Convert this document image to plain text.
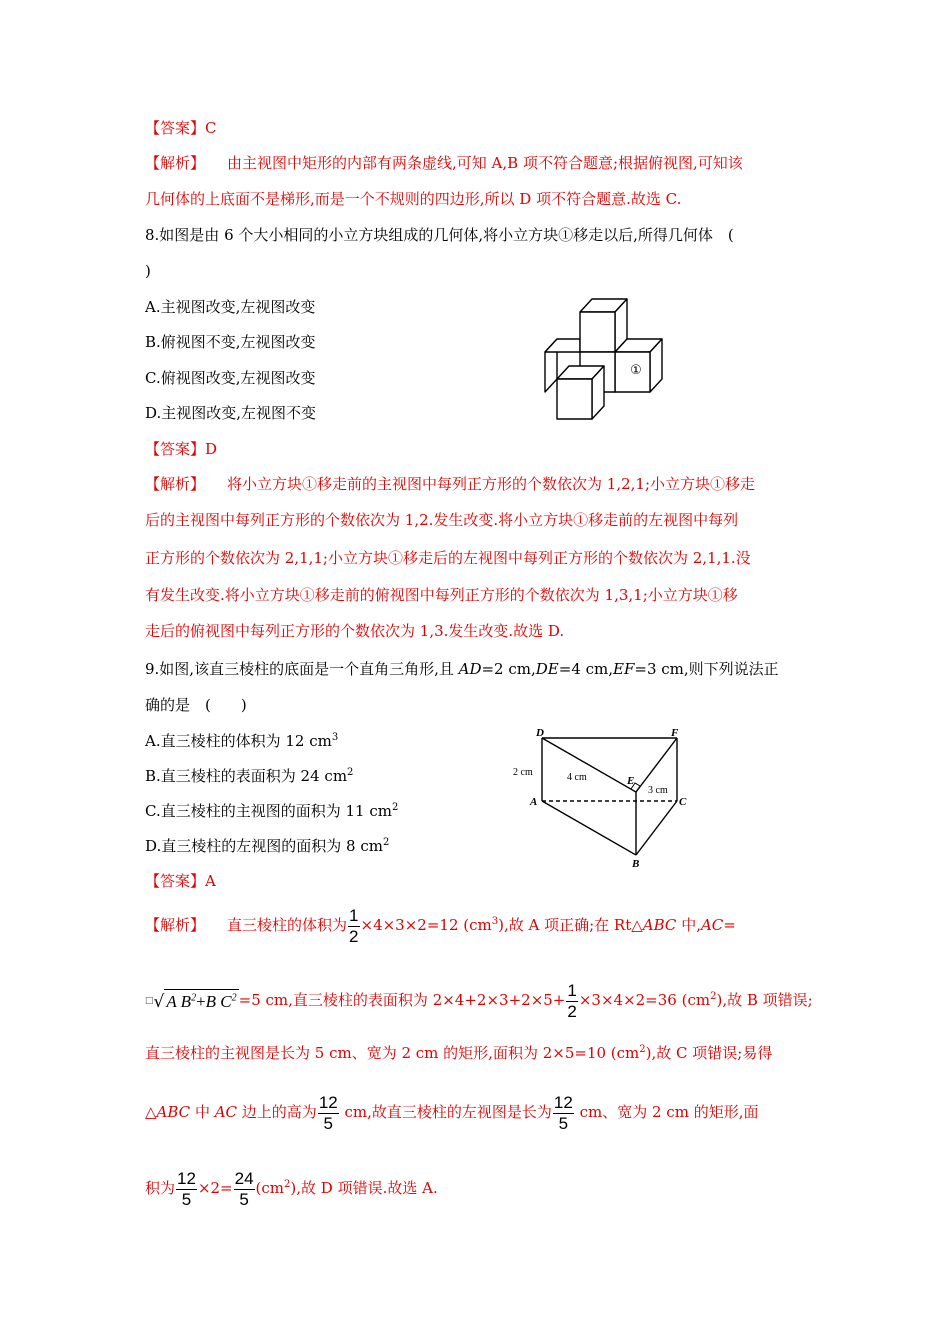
【答案】C
【解析】 由主视图中矩形的内部有两条虚线,可知 A,B 项不符合题意;根据俯视图,可知该
几何体的上底面不是梯形,而是一个不规则的四边形,所以 D 项不符合题意.故选 C.
8.如图是由 6 个大小相同的小立方块组成的几何体,将小立方块①移走以后,所得几何体　(
)
A.主视图改变,左视图改变
B.俯视图不变,左视图改变
C.俯视图改变,左视图改变
D.主视图改变,左视图不变
①
【答案】D
【解析】 将小立方块①移走前的主视图中每列正方形的个数依次为 1,2,1;小立方块①移走
后的主视图中每列正方形的个数依次为 1,2.发生改变.将小立方块①移走前的左视图中每列
正方形的个数依次为 2,1,1;小立方块①移走后的左视图中每列正方形的个数依次为 2,1,1.没
有发生改变.将小立方块①移走前的俯视图中每列正方形的个数依次为 1,3,1;小立方块①移
走后的俯视图中每列正方形的个数依次为 1,3.发生改变.故选 D.
9.如图,该直三棱柱的底面是一个直角三角形,且 AD=2 cm,DE=4 cm,EF=3 cm,则下列说法正
确的是　(　　)
A.直三棱柱的体积为 12 $cm^3$
B.直三棱柱的表面积为 24 $cm^2$
C.直三棱柱的主视图的面积为 11 $cm^2$
D.直三棱柱的左视图的面积为 8 $cm^2$
D	F
E
A	C
B
2 cm	4 cm
3 cm
【答案】A
【解析】 直三棱柱的体积为 $\frac{1}{2} \times 4\times 3\times 2=12$ $(cm^3)$,故 A 项正确;在 Rt△ABC 中,AC=
□√ A $B^2+B$ $C^2 =5$ cm,直三棱柱的表面积为 $2\times 4+2\times 3+2\times 5+ \frac{1}{2} \times 3\times 4\times 2=36$ $(cm^2)$,故 B 项错误;
直三棱柱的主视图是长为 5 cm、宽为 2 cm 的矩形,面积为 2×5=10 $(cm^2)$,故 C 项错误;易得
△ABC 中 AC 边上的高为 $\frac{12}{5}$ cm,故直三棱柱的左视图是长为 $\frac{12}{5}$ cm、宽为 2 cm 的矩形,面
积为 $\frac{12}{5} \times 2= \frac{24}{5} (cm^2)$,故 D 项错误.故选 A.
